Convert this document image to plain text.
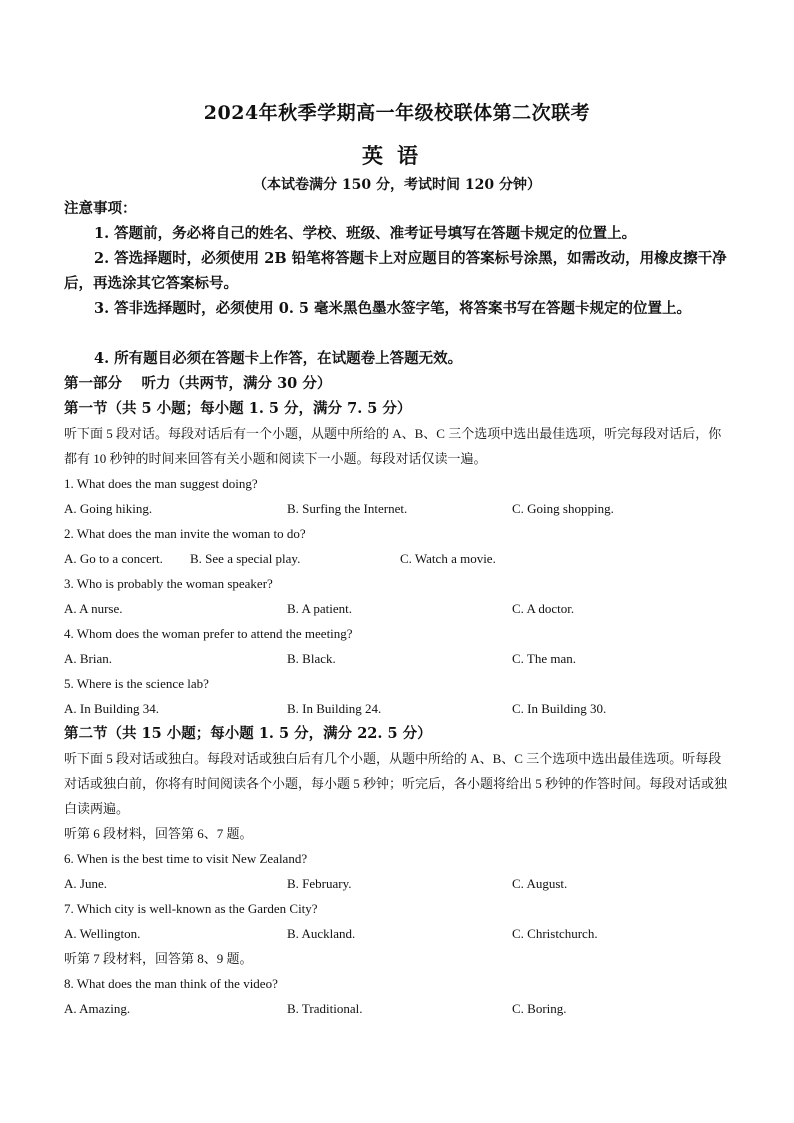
2024年秋季学期高一年级校联体第二次联考
英语
（本试卷满分 150 分，考试时间 120 分钟）
注意事项：
1. 答题前，务必将自己的姓名、学校、班级、准考证号填写在答题卡规定的位置上。
2. 答选择题时，必须使用 2B 铅笔将答题卡上对应题目的答案标号涂黑，如需改动，用橡皮擦干净后，再选涂其它答案标号。
3. 答非选择题时，必须使用 0. 5 毫米黑色墨水签字笔，将答案书写在答题卡规定的位置上。
4. 所有题目必须在答题卡上作答，在试题卷上答题无效。
第一部分　 听力（共两节，满分 30 分）
第一节（共 5 小题；每小题 1. 5 分，满分 7. 5 分）
听下面 5 段对话。每段对话后有一个小题，从题中所给的 A、B、C 三个选项中选出最佳选项，听完每段对话后，你都有 10 秒钟的时间来回答有关小题和阅读下一小题。每段对话仅读一遍。
1. What does the man suggest doing?
A. Going hiking.	B. Surfing the Internet.	C. Going shopping.
2. What does the man invite the woman to do?
A. Go to a concert. B. See a special play.	C. Watch a movie.
3. Who is probably the woman speaker?
A. A nurse.	B. A patient.	C. A doctor.
4. Whom does the woman prefer to attend the meeting?
A. Brian.	B. Black.	C. The man.
5. Where is the science lab?
A. In Building 34.	B. In Building 24.	C. In Building 30.
第二节（共 15 小题；每小题 1. 5 分，满分 22. 5 分）
听下面 5 段对话或独白。每段对话或独白后有几个小题，从题中所给的 A、B、C 三个选项中选出最佳选项。听每段对话或独白前，你将有时间阅读各个小题，每小题 5 秒钟；听完后，各小题将给出 5 秒钟的作答时间。每段对话或独白读两遍。
听第 6 段材料，回答第 6、7 题。
6. When is the best time to visit New Zealand?
A. June.	B. February.	C. August.
7. Which city is well-known as the Garden City?
A. Wellington.	B. Auckland.	C. Christchurch.
听第 7 段材料，回答第 8、9 题。
8. What does the man think of the video?
A. Amazing.	B. Traditional.	C. Boring.
